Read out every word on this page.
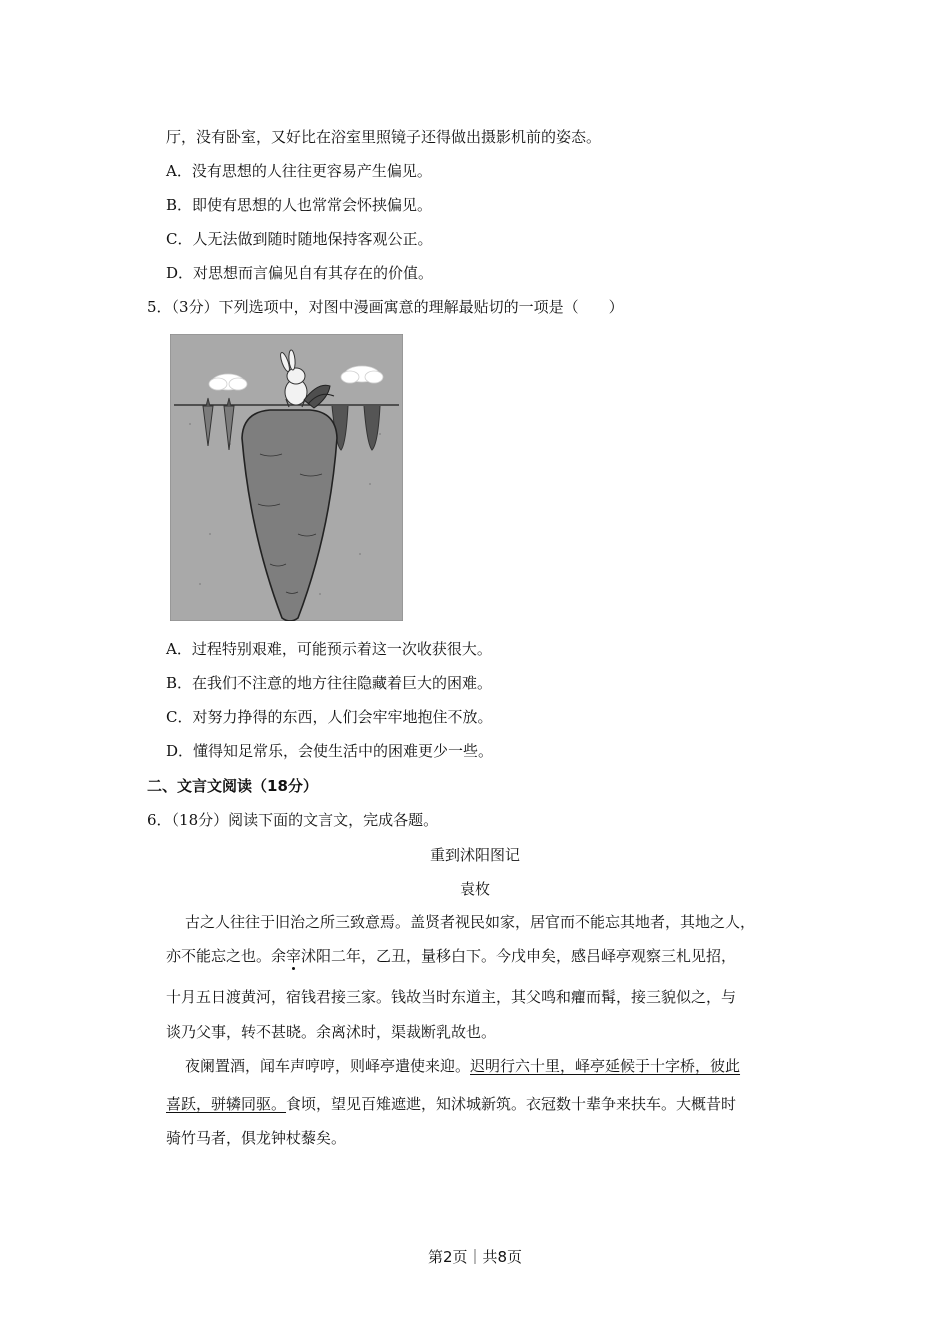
厅，没有卧室，又好比在浴室里照镜子还得做出摄影机前的姿态。
A．没有思想的人往往更容易产生偏见。
B．即使有思想的人也常常会怀挟偏见。
C．人无法做到随时随地保持客观公正。
D．对思想而言偏见自有其存在的价值。
5．（3分）下列选项中，对图中漫画寓意的理解最贴切的一项是（　　）
A．过程特别艰难，可能预示着这一次收获很大。
B．在我们不注意的地方往往隐藏着巨大的困难。
C．对努力挣得的东西，人们会牢牢地抱住不放。
D．懂得知足常乐，会使生活中的困难更少一些。
二、文言文阅读（18分）
6．（18分）阅读下面的文言文，完成各题。
重到沭阳图记
袁枚
古之人往往于旧治之所三致意焉。盖贤者视民如家，居官而不能忘其地者，其地之人，
亦不能忘之也。余宰沭阳二年，乙丑，量移白下。今戊申矣，感吕峄亭观察三札见招，
十月五日渡黄河，宿钱君接三家。钱故当时东道主，其父鸣和癯而髯，接三貌似之，与
谈乃父事，转不甚晓。余离沭时，渠裁断乳故也。
夜阑置酒，闻车声哼哼，则峄亭遣使来迎。迟明行六十里，峄亭延候于十字桥，彼此
喜跃，骈辚同驱。食顷，望见百雉遮迣，知沭城新筑。衣冠数十辈争来扶车。大概昔时
骑竹马者，俱龙钟杖藜矣。
第2页｜共8页
